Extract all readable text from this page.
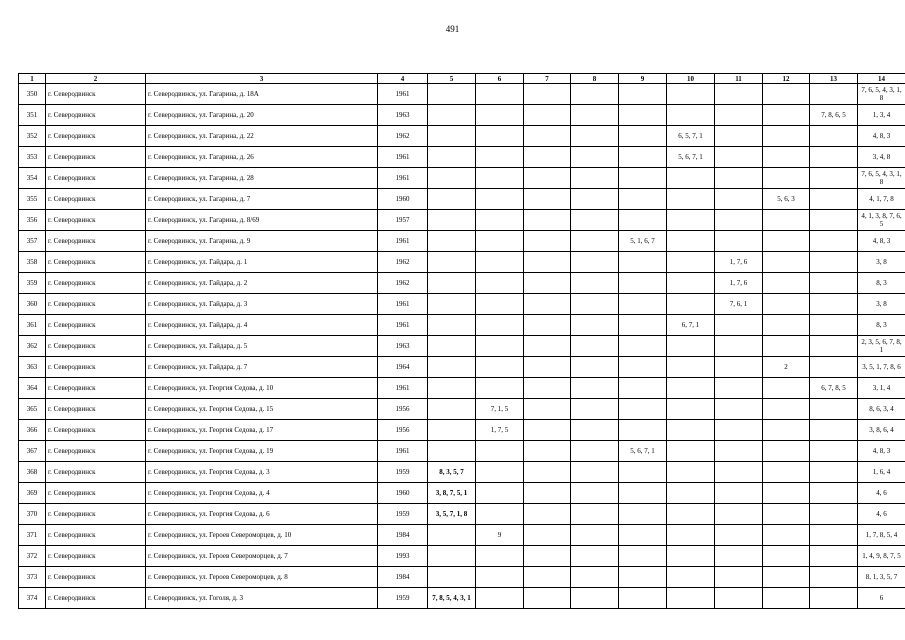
491
1	2	3	4	5	6	7	8	9	10	11	12	13	14
350	г. Северодвинск	г. Северодвинск, ул. Гагарина, д. 18А	1961										7, 6, 5, 4, 3, 1, 8
351	г. Северодвинск	г. Северодвинск, ул. Гагарина, д. 20	1963									7, 8, 6, 5	1, 3, 4
352	г. Северодвинск	г. Северодвинск, ул. Гагарина, д. 22	1962						6, 5, 7, 1				4, 8, 3
353	г. Северодвинск	г. Северодвинск, ул. Гагарина, д. 26	1961						5, 6, 7, 1				3, 4, 8
354	г. Северодвинск	г. Северодвинск, ул. Гагарина, д. 28	1961										7, 6, 5, 4, 3, 1, 8
355	г. Северодвинск	г. Северодвинск, ул. Гагарина, д. 7	1960								5, 6, 3		4, 1, 7, 8
356	г. Северодвинск	г. Северодвинск, ул. Гагарина, д. 8/69	1957										4, 1, 3, 8, 7, 6, 5
357	г. Северодвинск	г. Северодвинск, ул. Гагарина, д. 9	1961					5, 1, 6, 7					4, 8, 3
358	г. Северодвинск	г. Северодвинск, ул. Гайдара, д. 1	1962							1, 7, 6			3, 8
359	г. Северодвинск	г. Северодвинск, ул. Гайдара, д. 2	1962							1, 7, 6			8, 3
360	г. Северодвинск	г. Северодвинск, ул. Гайдара, д. 3	1961							7, 6, 1			3, 8
361	г. Северодвинск	г. Северодвинск, ул. Гайдара, д. 4	1961						6, 7, 1				8, 3
362	г. Северодвинск	г. Северодвинск, ул. Гайдара, д. 5	1963										2, 3, 5, 6, 7, 8, 1
363	г. Северодвинск	г. Северодвинск, ул. Гайдара, д. 7	1964								2		3, 5, 1, 7, 8, 6
364	г. Северодвинск	г. Северодвинск, ул. Георгия Седова, д. 10	1961									6, 7, 8, 5	3, 1, 4
365	г. Северодвинск	г. Северодвинск, ул. Георгия Седова, д. 15	1956		7, 1, 5								8, 6, 3, 4
366	г. Северодвинск	г. Северодвинск, ул. Георгия Седова, д. 17	1956		1, 7, 5								3, 8, 6, 4
367	г. Северодвинск	г. Северодвинск, ул. Георгия Седова, д. 19	1961					5, 6, 7, 1					4, 8, 3
368	г. Северодвинск	г. Северодвинск, ул. Георгия Седова, д. 3	1959	8, 3, 5, 7									1, 6, 4
369	г. Северодвинск	г. Северодвинск, ул. Георгия Седова, д. 4	1960	3, 8, 7, 5, 1									4, 6
370	г. Северодвинск	г. Северодвинск, ул. Георгия Седова, д. 6	1959	3, 5, 7, 1, 8									4, 6
371	г. Северодвинск	г. Северодвинск, ул. Героев Североморцев, д. 10	1984		9								1, 7, 8, 5, 4
372	г. Северодвинск	г. Северодвинск, ул. Героев Североморцев, д. 7	1993										1, 4, 9, 8, 7, 5
373	г. Северодвинск	г. Северодвинск, ул. Героев Североморцев, д. 8	1984										8, 1, 3, 5, 7
374	г. Северодвинск	г. Северодвинск, ул. Гоголя, д. 3	1959	7, 8, 5, 4, 3, 1									6
